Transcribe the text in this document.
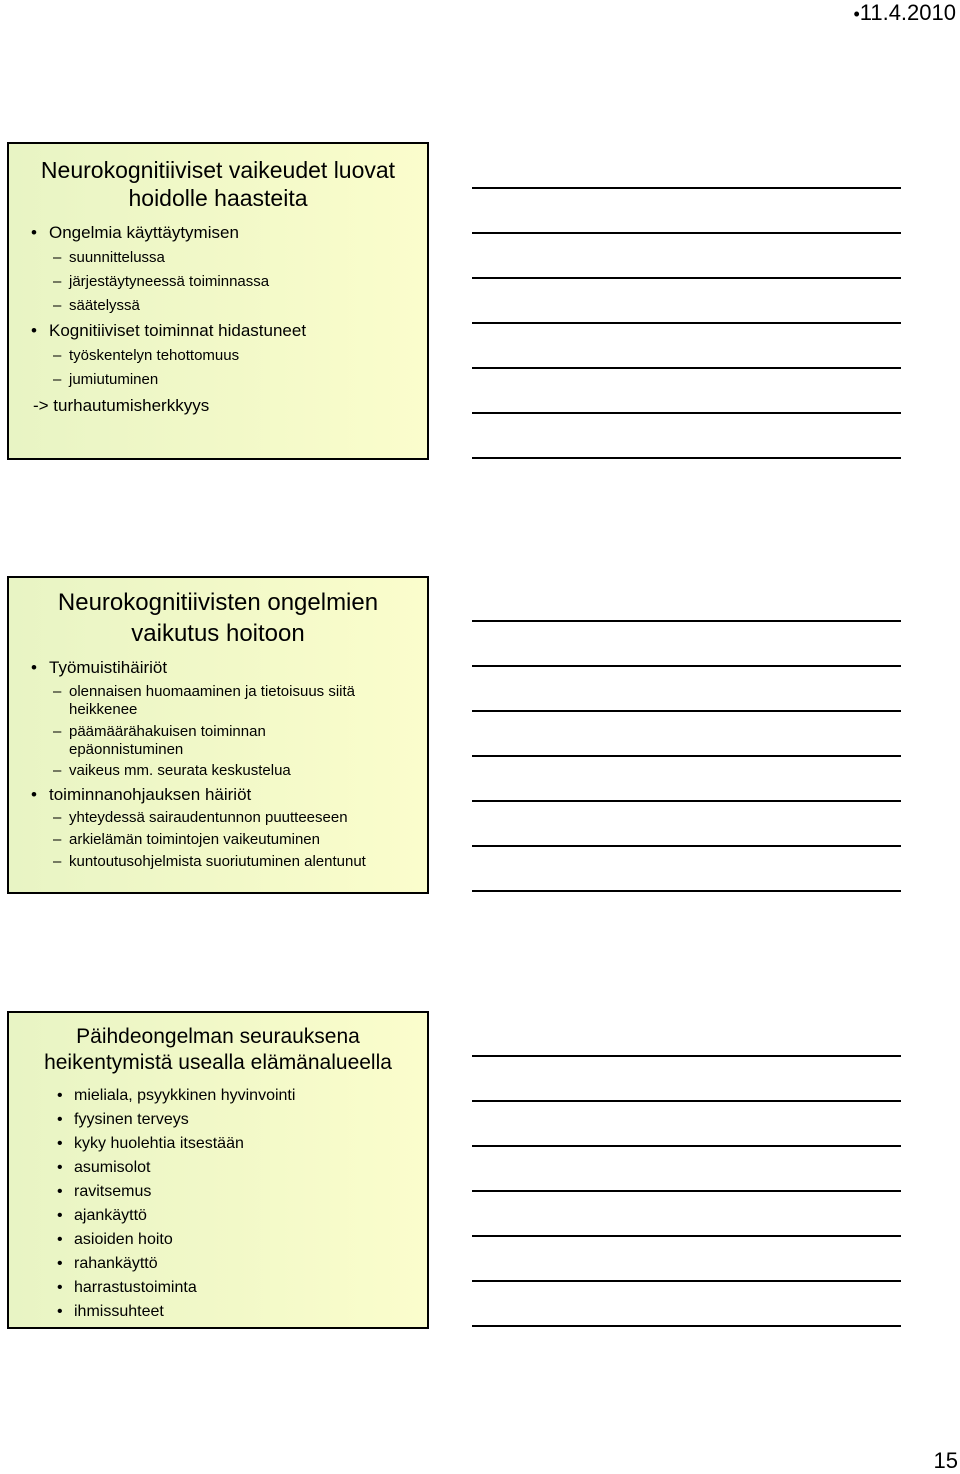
•11.4.2010
Neurokognitiiviset vaikeudet luovat
hoidolle haasteita
• Ongelmia käyttäytymisen
– suunnittelussa
– järjestäytyneessä toiminnassa
– säätelyssä
• Kognitiiviset toiminnat hidastuneet
– työskentelyn tehottomuus
– jumiutuminen
-> turhautumisherkkyys
Neurokognitiivisten ongelmien
vaikutus hoitoon
• Työmuistihäiriöt
– olennaisen huomaaminen ja tietoisuus siitä heikkenee
– päämäärähakuisen toiminnan epäonnistuminen
– vaikeus mm. seurata keskustelua
• toiminnanohjauksen häiriöt
– yhteydessä sairaudentunnon puutteeseen
– arkielämän toimintojen vaikeutuminen
– kuntoutusohjelmista suoriutuminen alentunut
Päihdeongelman seurauksena
heikentymistä usealla elämänalueella
• mieliala, psyykkinen hyvinvointi
• fyysinen terveys
• kyky huolehtia itsestään
• asumisolot
• ravitsemus
• ajankäyttö
• asioiden hoito
• rahankäyttö
• harrastustoiminta
• ihmissuhteet
15
